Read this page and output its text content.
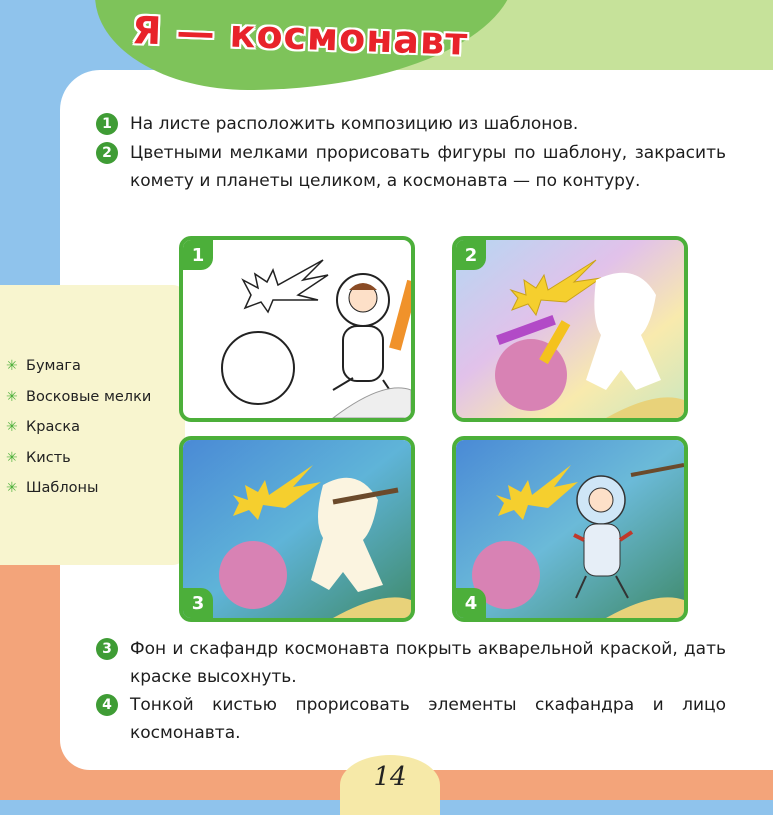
Я — космонавт
✳ Бумага
✳ Восковые мелки
✳ Краска
✳ Кисть
✳ Шаблоны
1	На листе расположить композицию из шаблонов.
2	Цветными мелками прорисовать фигуры по шаблону, закрасить комету и планеты целиком, а космонавта — по контуру.
1	2
3	4
3	Фон и скафандр космонавта покрыть акварельной краской, дать краске высохнуть.
4	Тонкой кистью прорисовать элементы скафандра и лицо космонавта.
14
